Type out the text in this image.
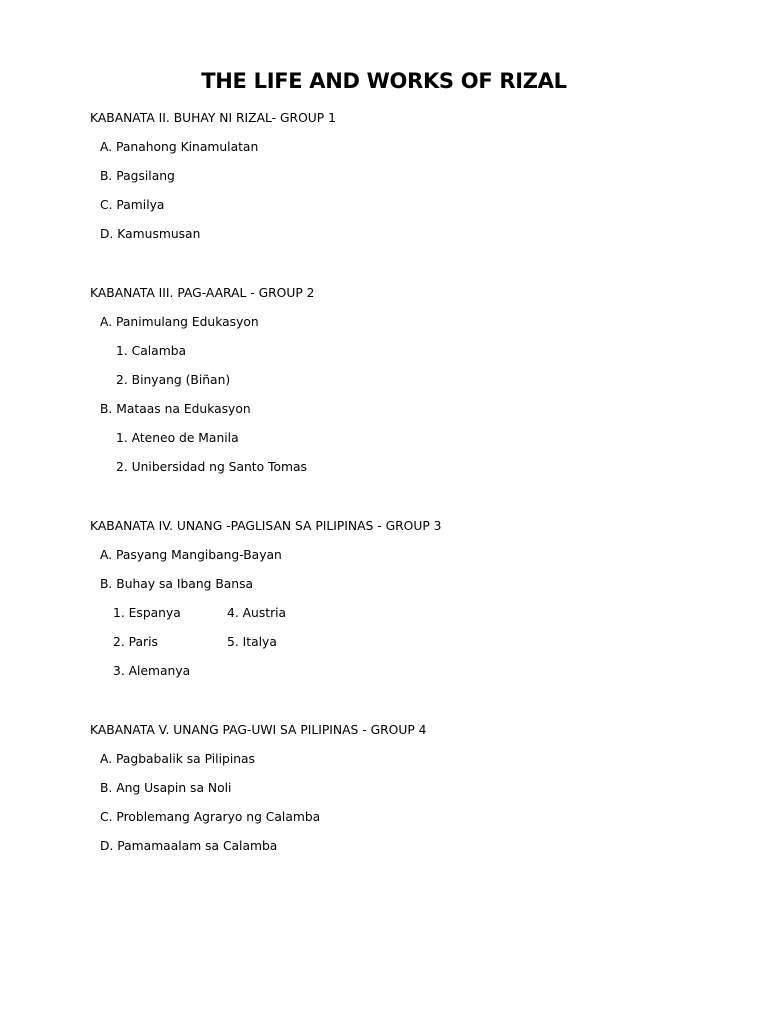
THE LIFE AND WORKS OF RIZAL
KABANATA II. BUHAY NI RIZAL- GROUP 1
A. Panahong Kinamulatan
B. Pagsilang
C. Pamilya
D. Kamusmusan
KABANATA III. PAG-AARAL - GROUP 2
A. Panimulang Edukasyon
1. Calamba
2. Binyang (Biñan)
B. Mataas na Edukasyon
1. Ateneo de Manila
2. Unibersidad ng Santo Tomas
KABANATA IV. UNANG -PAGLISAN SA PILIPINAS - GROUP 3
A. Pasyang Mangibang-Bayan
B. Buhay sa Ibang Bansa
1. Espanya	4. Austria
2. Paris	5. Italya
3. Alemanya
KABANATA V. UNANG PAG-UWI SA PILIPINAS - GROUP 4
A. Pagbabalik sa Pilipinas
B. Ang Usapin sa Noli
C. Problemang Agraryo ng Calamba
D. Pamamaalam sa Calamba
